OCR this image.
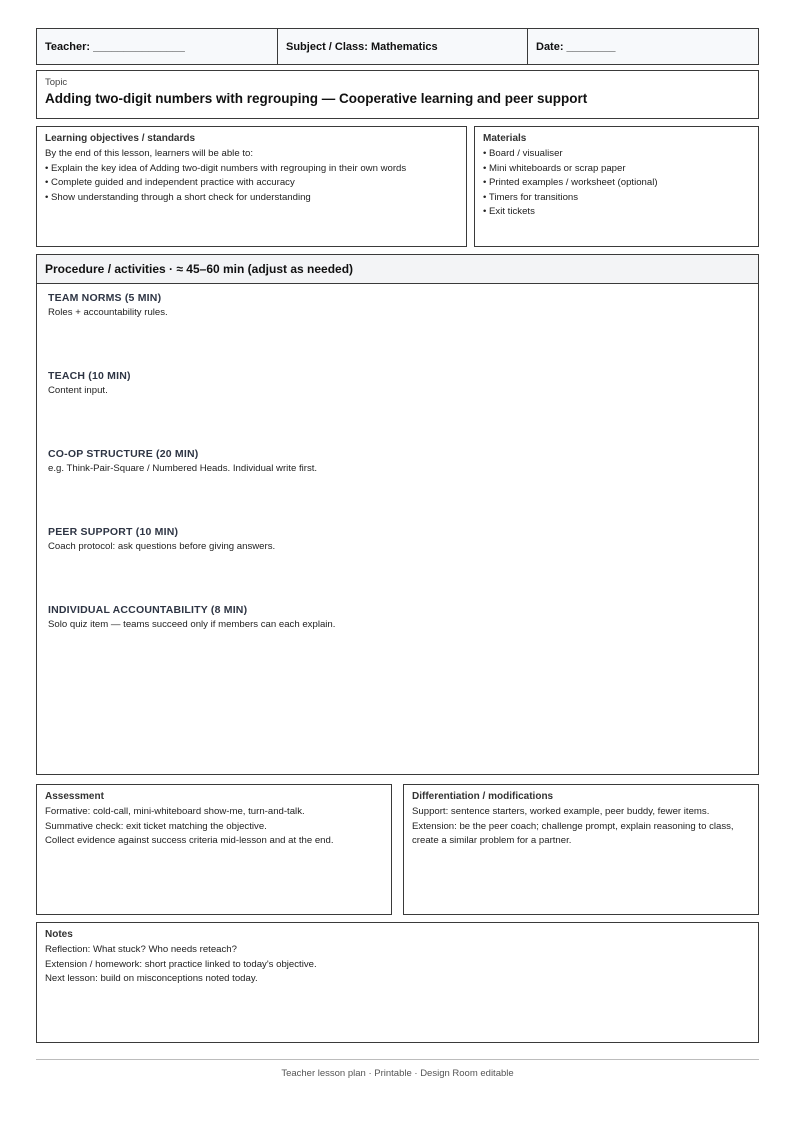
Teacher: _______________	Subject / Class: Mathematics	Date: ________
Topic
Adding two-digit numbers with regrouping — Cooperative learning and peer support
Learning objectives / standards
By the end of this lesson, learners will be able to:
• Explain the key idea of Adding two-digit numbers with regrouping in their own words
• Complete guided and independent practice with accuracy
• Show understanding through a short check for understanding
Materials
• Board / visualiser
• Mini whiteboards or scrap paper
• Printed examples / worksheet (optional)
• Timers for transitions
• Exit tickets
Procedure / activities · ≈ 45–60 min (adjust as needed)
TEAM NORMS (5 MIN)
Roles + accountability rules.
TEACH (10 MIN)
Content input.
CO-OP STRUCTURE (20 MIN)
e.g. Think-Pair-Square / Numbered Heads. Individual write first.
PEER SUPPORT (10 MIN)
Coach protocol: ask questions before giving answers.
INDIVIDUAL ACCOUNTABILITY (8 MIN)
Solo quiz item — teams succeed only if members can each explain.
Assessment
Formative: cold-call, mini-whiteboard show-me, turn-and-talk.
Summative check: exit ticket matching the objective.
Collect evidence against success criteria mid-lesson and at the end.
Differentiation / modifications
Support: sentence starters, worked example, peer buddy, fewer items.
Extension: be the peer coach; challenge prompt, explain reasoning to class,
create a similar problem for a partner.
Notes
Reflection: What stuck? Who needs reteach?
Extension / homework: short practice linked to today's objective.
Next lesson: build on misconceptions noted today.
Teacher lesson plan · Printable · Design Room editable
